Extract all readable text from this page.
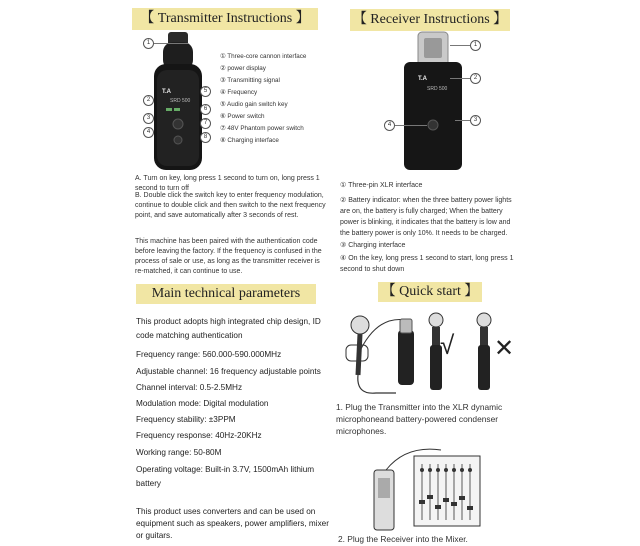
【 Transmitter Instructions 】
T.A
SRD 500
1
2
3
4
5
6
7
8
① Three-core cannon interface
② power display
③ Transmitting signal
④ Frequency
⑤ Audio gain switch key
⑥ Power switch
⑦ 48V Phantom power switch
⑧ Charging interface
A. Turn on key, long press 1 second to turn on, long press 1 second to turn off
B. Double click the switch key to enter frequency modulation, continue to double click and then switch to the next frequency point, and save automatically after 3 seconds of rest.
This machine has been paired with the authentication code before leaving the factory. If the frequency is confused in the process of sale or use, as long as the transmitter receiver is re-matched, it can continue to use.
【 Receiver Instructions 】
T.A
SRD 500
1
2
3
4
① Three-pin XLR interface
② Battery indicator: when the three battery power lights are on, the battery is fully charged; When the battery power is blinking, it indicates that the battery is low and the battery power is only 10%. It needs to be charged.
③ Charging interface
④ On the key, long press 1 second to start, long press 1 second to shut down
Main technical parameters
This product adopts high integrated chip design, ID code matching authentication
Frequency range: 560.000-590.000MHz
Adjustable channel: 16 frequency adjustable points
Channel interval: 0.5-2.5MHz
Modulation mode: Digital modulation
Frequency stability: ±3PPM
Frequency response: 40Hz-20KHz
Working range: 50-80M
Operating voltage: Built-in 3.7V, 1500mAh lithium battery
This product uses converters and can be used on equipment such as speakers, power amplifiers, mixer or guitars.
【 Quick start 】
√ ✕
1. Plug the Transmitter into the XLR dynamic microphoneand battery-powered condenser microphones.
2. Plug the Receiver into the Mixer.
